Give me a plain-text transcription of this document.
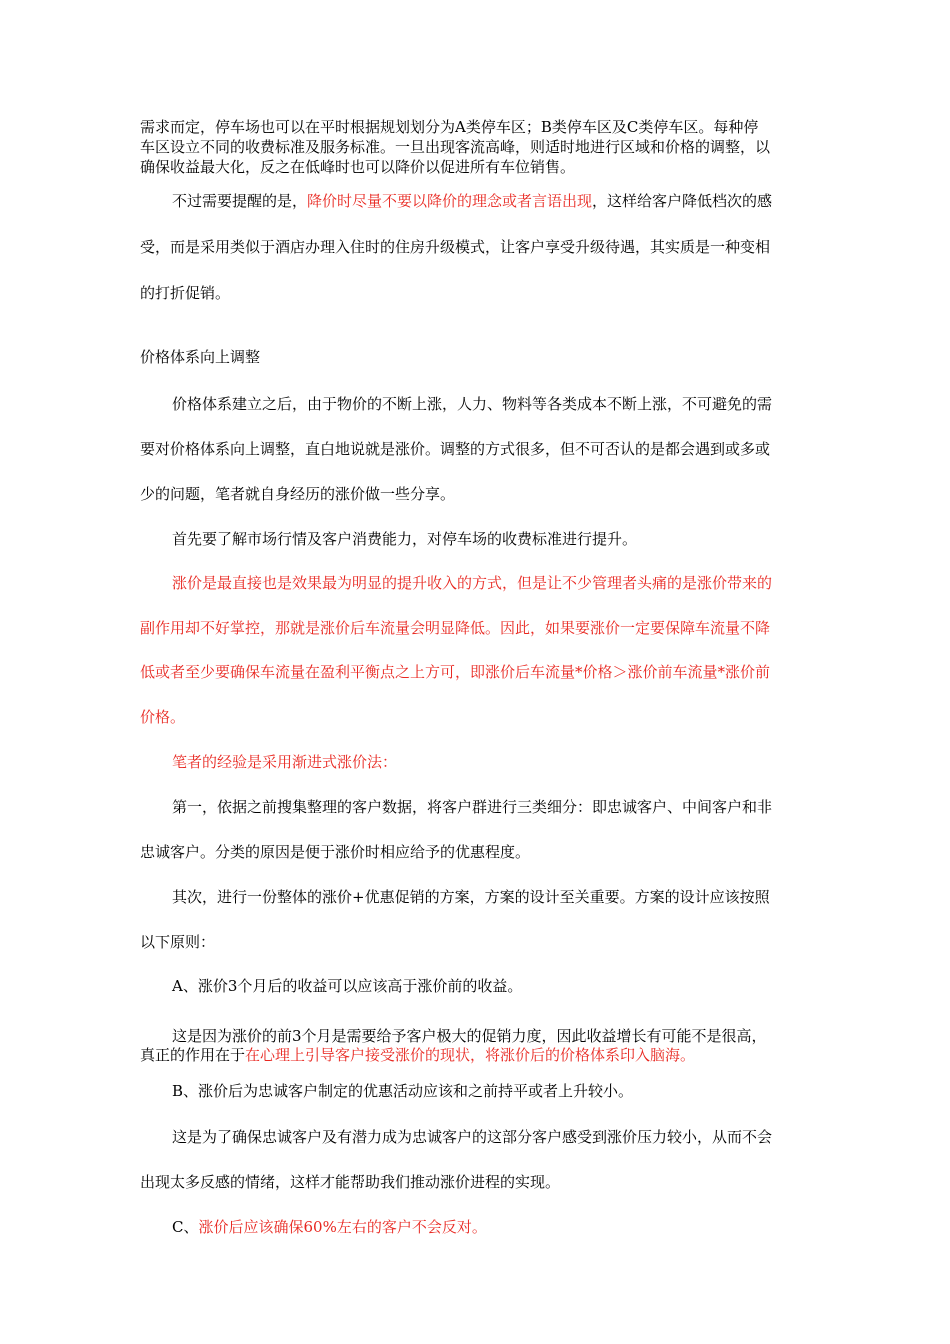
需求而定，停车场也可以在平时根据规划划分为A类停车区；B类停车区及C类停车区。每种停
车区设立不同的收费标准及服务标准。一旦出现客流高峰，则适时地进行区域和价格的调整，以
确保收益最大化，反之在低峰时也可以降价以促进所有车位销售。
不过需要提醒的是，降价时尽量不要以降价的理念或者言语出现，这样给客户降低档次的感
受，而是采用类似于酒店办理入住时的住房升级模式，让客户享受升级待遇，其实质是一种变相
的打折促销。
价格体系向上调整
价格体系建立之后，由于物价的不断上涨，人力、物料等各类成本不断上涨，不可避免的需
要对价格体系向上调整，直白地说就是涨价。调整的方式很多，但不可否认的是都会遇到或多或
少的问题，笔者就自身经历的涨价做一些分享。
首先要了解市场行情及客户消费能力，对停车场的收费标准进行提升。
涨价是最直接也是效果最为明显的提升收入的方式，但是让不少管理者头痛的是涨价带来的
副作用却不好掌控，那就是涨价后车流量会明显降低。因此，如果要涨价一定要保障车流量不降
低或者至少要确保车流量在盈利平衡点之上方可，即涨价后车流量*价格＞涨价前车流量*涨价前
价格。
笔者的经验是采用渐进式涨价法：
第一，依据之前搜集整理的客户数据，将客户群进行三类细分：即忠诚客户、中间客户和非
忠诚客户。分类的原因是便于涨价时相应给予的优惠程度。
其次，进行一份整体的涨价+优惠促销的方案，方案的设计至关重要。方案的设计应该按照
以下原则：
A、涨价3个月后的收益可以应该高于涨价前的收益。
这是因为涨价的前3个月是需要给予客户极大的促销力度，因此收益增长有可能不是很高，
真正的作用在于在心理上引导客户接受涨价的现状，将涨价后的价格体系印入脑海。
B、涨价后为忠诚客户制定的优惠活动应该和之前持平或者上升较小。
这是为了确保忠诚客户及有潜力成为忠诚客户的这部分客户感受到涨价压力较小，从而不会
出现太多反感的情绪，这样才能帮助我们推动涨价进程的实现。
C、涨价后应该确保60%左右的客户不会反对。
